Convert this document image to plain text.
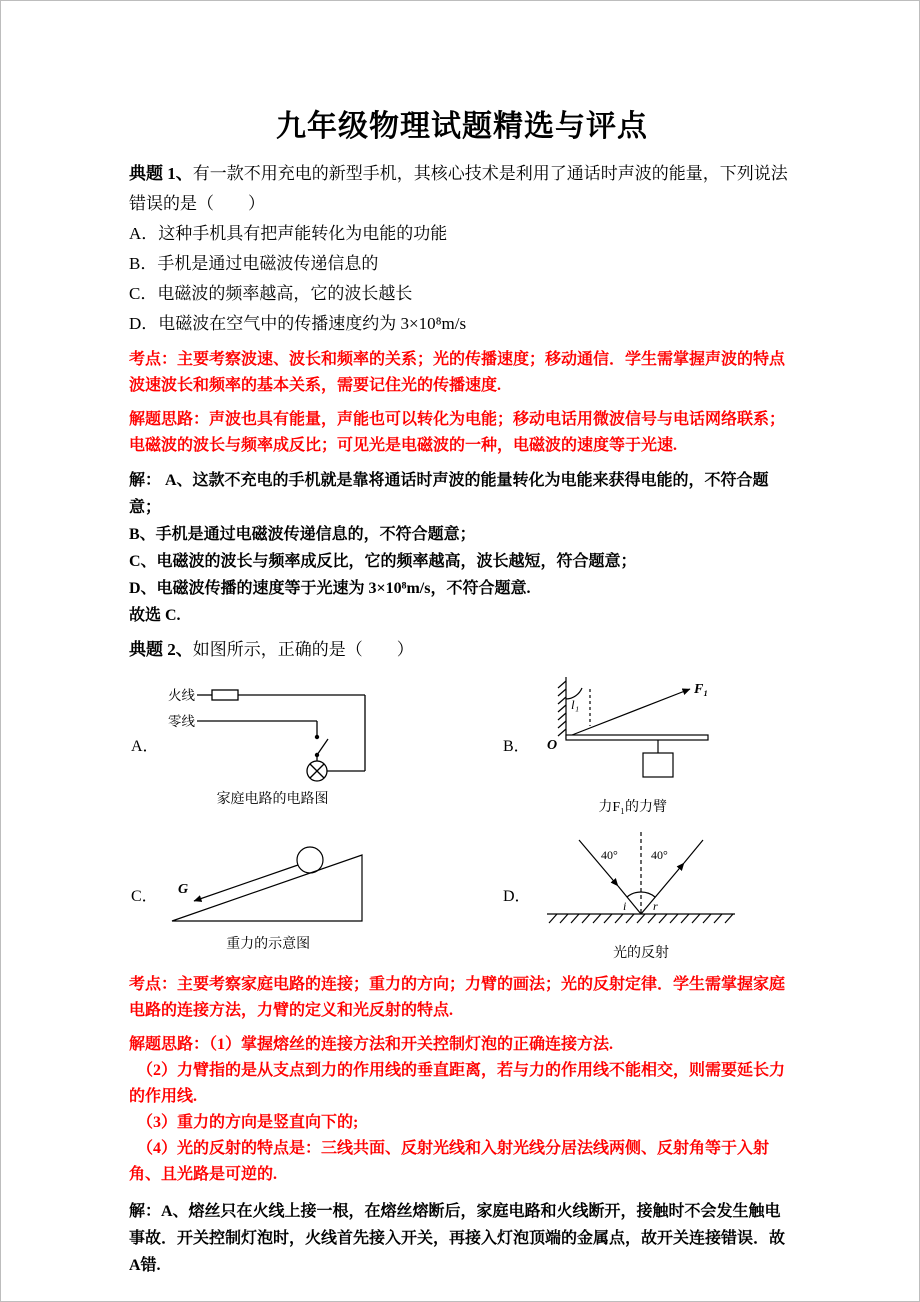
九年级物理试题精选与评点

典题 1、有一款不用充电的新型手机，其核心技术是利用了通话时声波的能量，下列说法错误的是（　　）

A．这种手机具有把声能转化为电能的功能

B．手机是通过电磁波传递信息的

C．电磁波的频率越高，它的波长越长

D．电磁波在空气中的传播速度约为 3×10⁸m/s

考点：主要考察波速、波长和频率的关系；光的传播速度；移动通信．学生需掌握声波的特点波速波长和频率的基本关系，需要记住光的传播速度.

解题思路：声波也具有能量，声能也可以转化为电能；移动电话用微波信号与电话网络联系；电磁波的波长与频率成反比；可见光是电磁波的一种，电磁波的速度等于光速.

解： A、这款不充电的手机就是靠将通话时声波的能量转化为电能来获得电能的，不符合题意；

B、手机是通过电磁波传递信息的，不符合题意；

C、电磁波的波长与频率成反比，它的频率越高，波长越短，符合题意；

D、电磁波传播的速度等于光速为 3×10⁸m/s，不符合题意.

故选 C.

典题 2、如图所示，正确的是（　　）

A．
火线
零线
家庭电路的电路图
B． O
l₁
F₁
力F₁的力臂
C． G
重力的示意图
D．
40°	40°
i r
光的反射

考点：主要考察家庭电路的连接；重力的方向；力臂的画法；光的反射定律．学生需掌握家庭电路的连接方法，力臂的定义和光反射的特点.

解题思路：（1）掌握熔丝的连接方法和开关控制灯泡的正确连接方法.

　（2）力臂指的是从支点到力的作用线的垂直距离，若与力的作用线不能相交，则需要延长力的作用线.

　（3）重力的方向是竖直向下的;

　（4）光的反射的特点是：三线共面、反射光线和入射光线分居法线两侧、反射角等于入射角、且光路是可逆的.

解：A、熔丝只在火线上接一根，在熔丝熔断后，家庭电路和火线断开，接触时不会发生触电事故．开关控制灯泡时，火线首先接入开关，再接入灯泡顶端的金属点，故开关连接错误．故A错.
